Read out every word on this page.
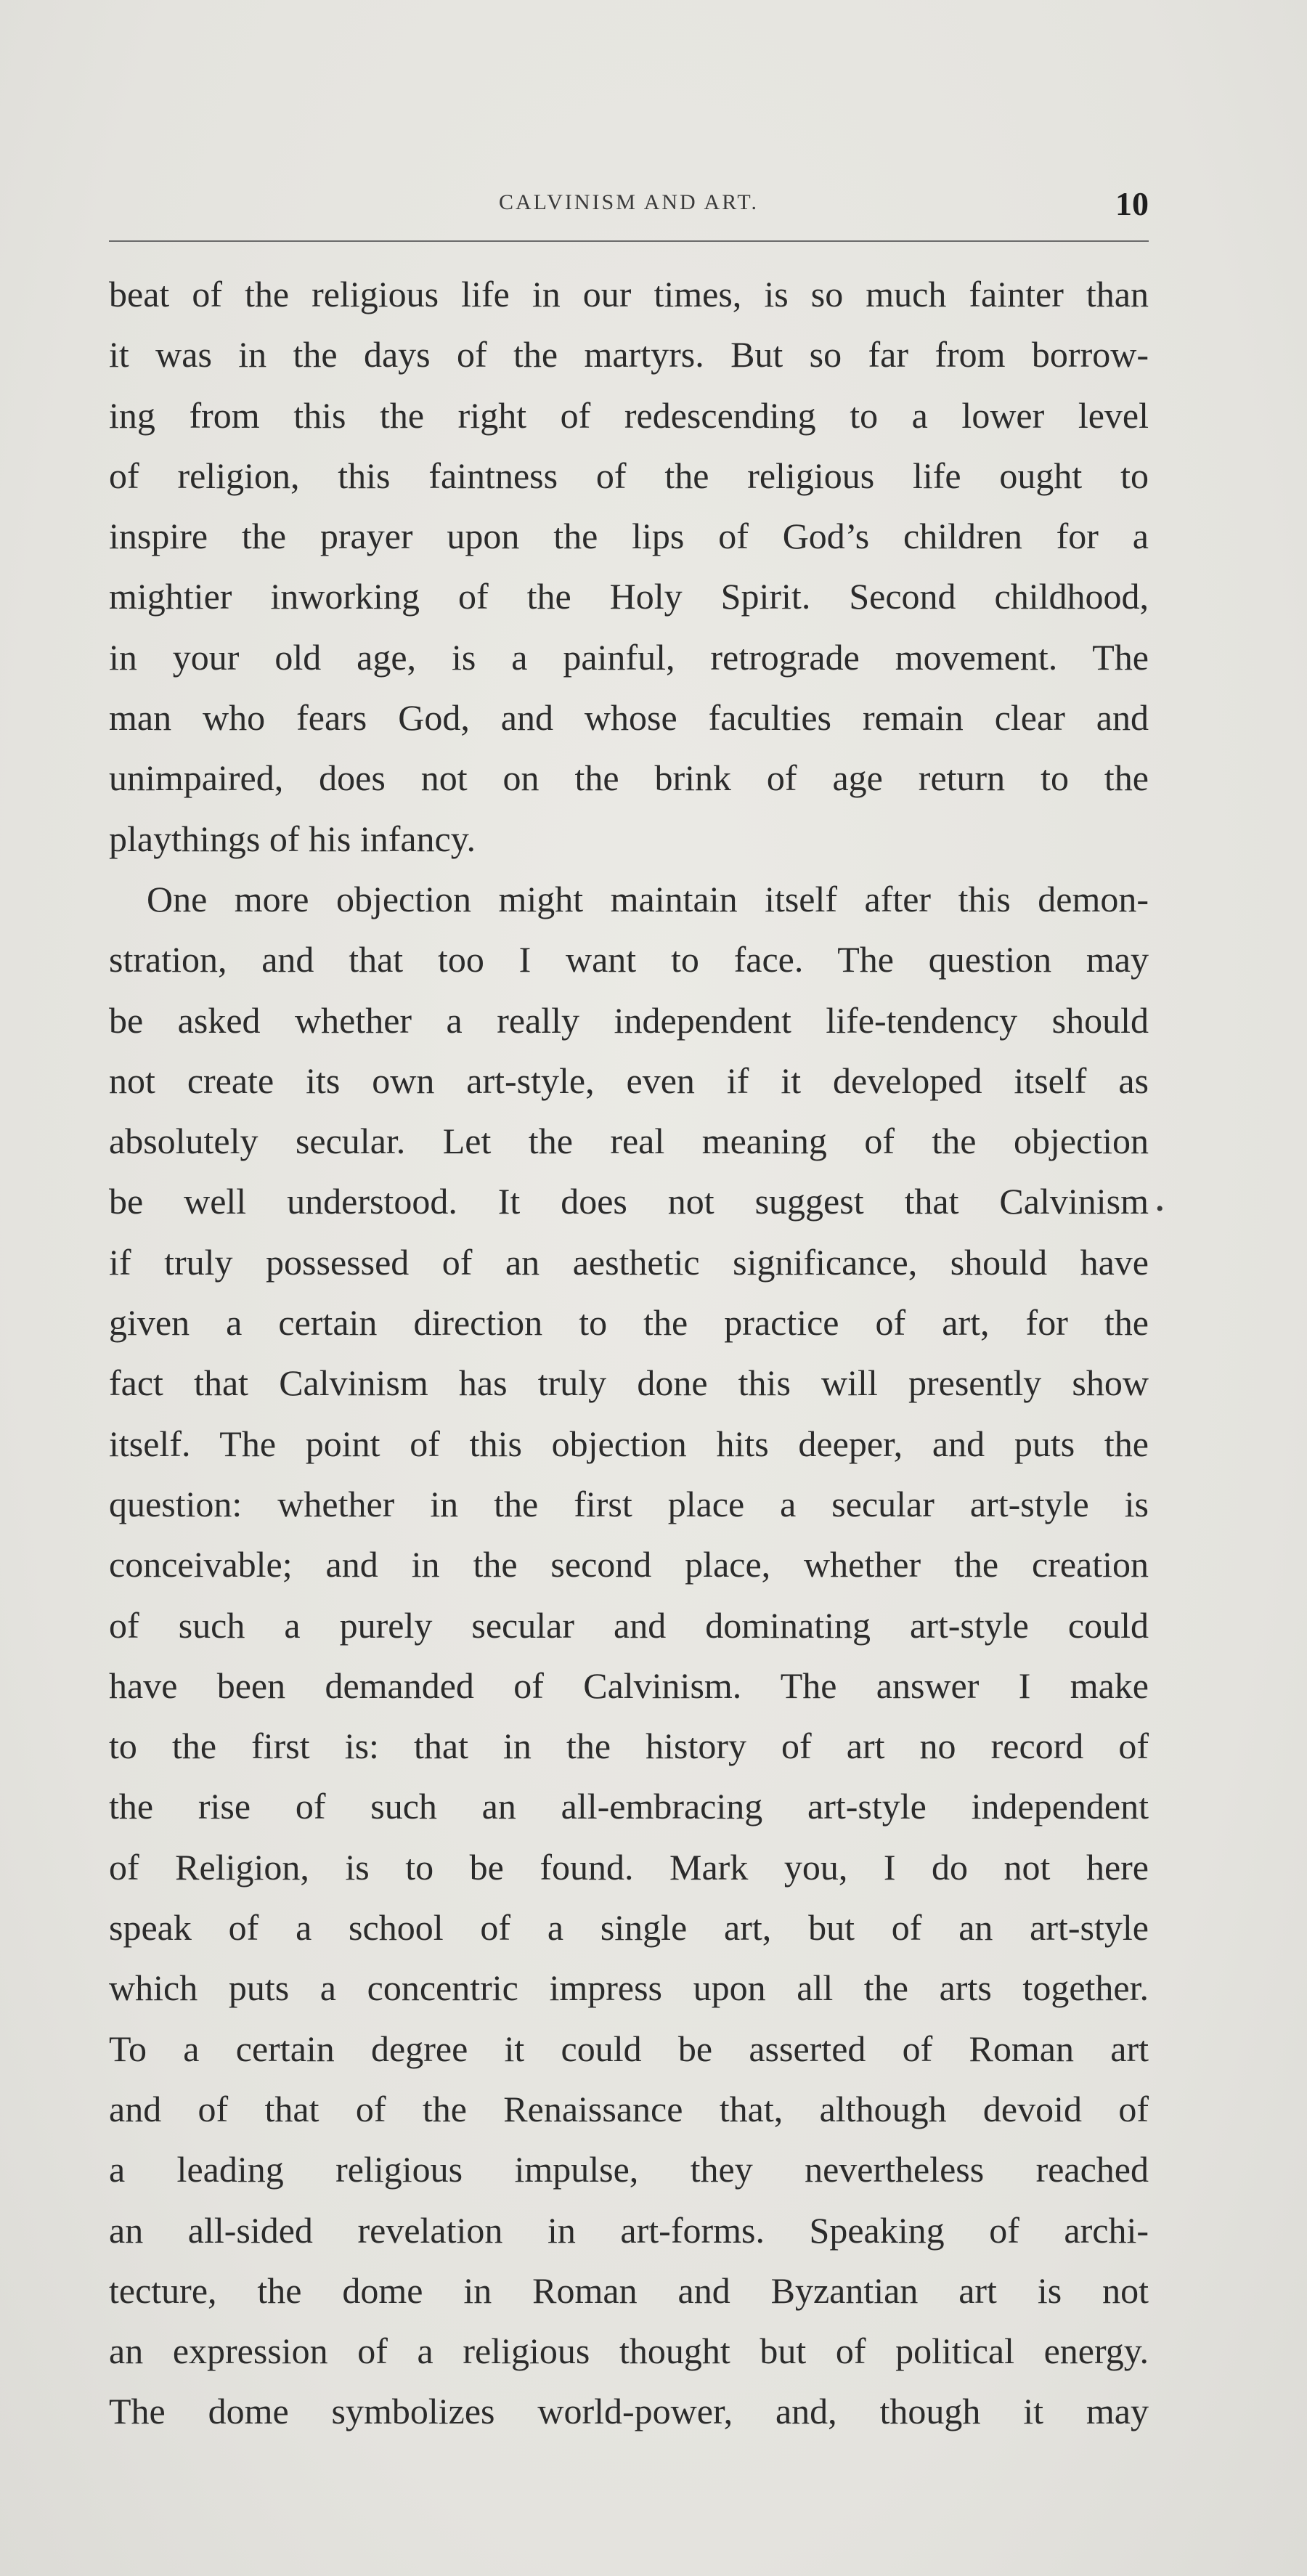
CALVINISM AND ART.	10
beat of the religious life in our times, is so much fainter than
it was in the days of the martyrs. But so far from borrow-
ing from this the right of redescending to a lower level
of religion, this faintness of the religious life ought to
inspire the prayer upon the lips of God’s children for a
mightier inworking of the Holy Spirit. Second childhood,
in your old age, is a painful, retrograde movement. The
man who fears God, and whose faculties remain clear and
unimpaired, does not on the brink of age return to the
playthings of his infancy.
One more objection might maintain itself after this demon-
stration, and that too I want to face. The question may
be asked whether a really independent life-tendency should
not create its own art-style, even if it developed itself as
absolutely secular. Let the real meaning of the objection
be well understood. It does not suggest that Calvinism
if truly possessed of an aesthetic significance, should have
given a certain direction to the practice of art, for the
fact that Calvinism has truly done this will presently show
itself. The point of this objection hits deeper, and puts the
question: whether in the first place a secular art-style is
conceivable; and in the second place, whether the creation
of such a purely secular and dominating art-style could
have been demanded of Calvinism. The answer I make
to the first is: that in the history of art no record of
the rise of such an all-embracing art-style independent
of Religion, is to be found. Mark you, I do not here
speak of a school of a single art, but of an art-style
which puts a concentric impress upon all the arts together.
To a certain degree it could be asserted of Roman art
and of that of the Renaissance that, although devoid of
a leading religious impulse, they nevertheless reached
an all-sided revelation in art-forms. Speaking of archi-
tecture, the dome in Roman and Byzantian art is not
an expression of a religious thought but of political energy.
The dome symbolizes world-power, and, though it may
•
